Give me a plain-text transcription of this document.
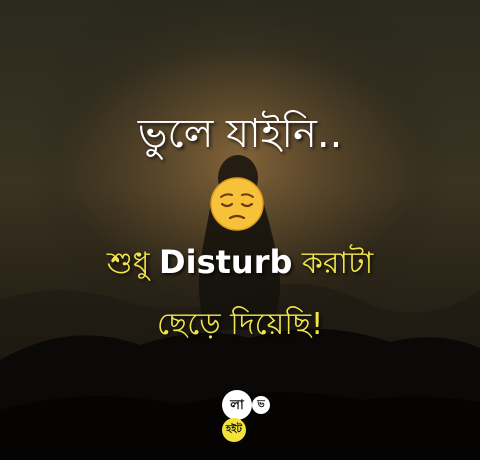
ভুলে যাইনি..
শুধু Disturb করাটা
ছেড়ে দিয়েছি!
লা	ভ
হইট
